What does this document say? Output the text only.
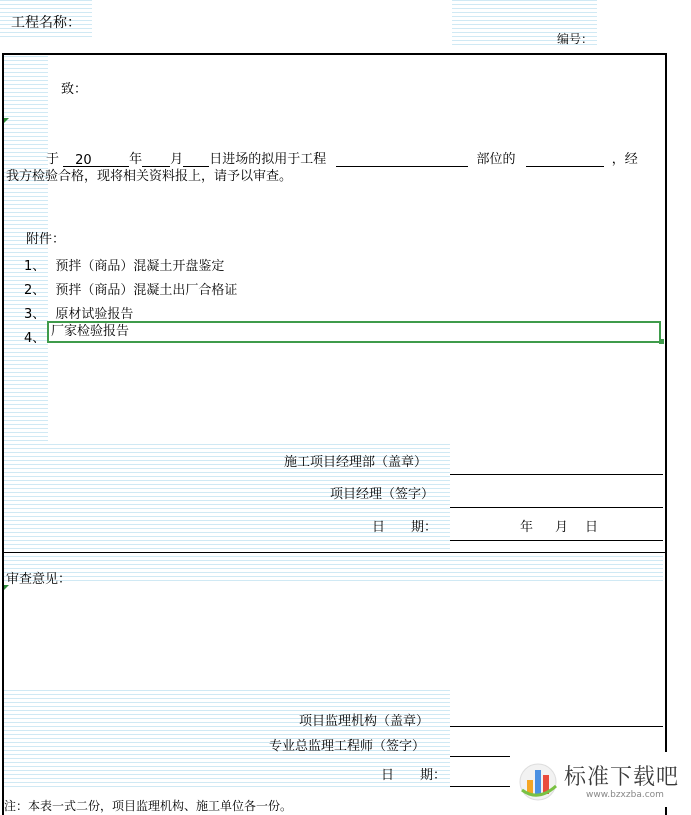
工程名称：
编号：
致：
于 20	年 月 日进场的拟用于工程	部位的	，经
我方检验合格，现将相关资料报上，请予以审查。
附件：
1、 预拌（商品）混凝土开盘鉴定
2、 预拌（商品）混凝土出厂合格证
3、 原材试验报告
4、 厂家检验报告
施工项目经理部（盖章）
项目经理（签字）
日　　期：	年 月 日
审查意见：
项目监理机构（盖章）
专业总监理工程师（签字）
日　　期：
注：本表一式二份，项目监理机构、施工单位各一份。
标准下载吧
www.bzxzba.com
